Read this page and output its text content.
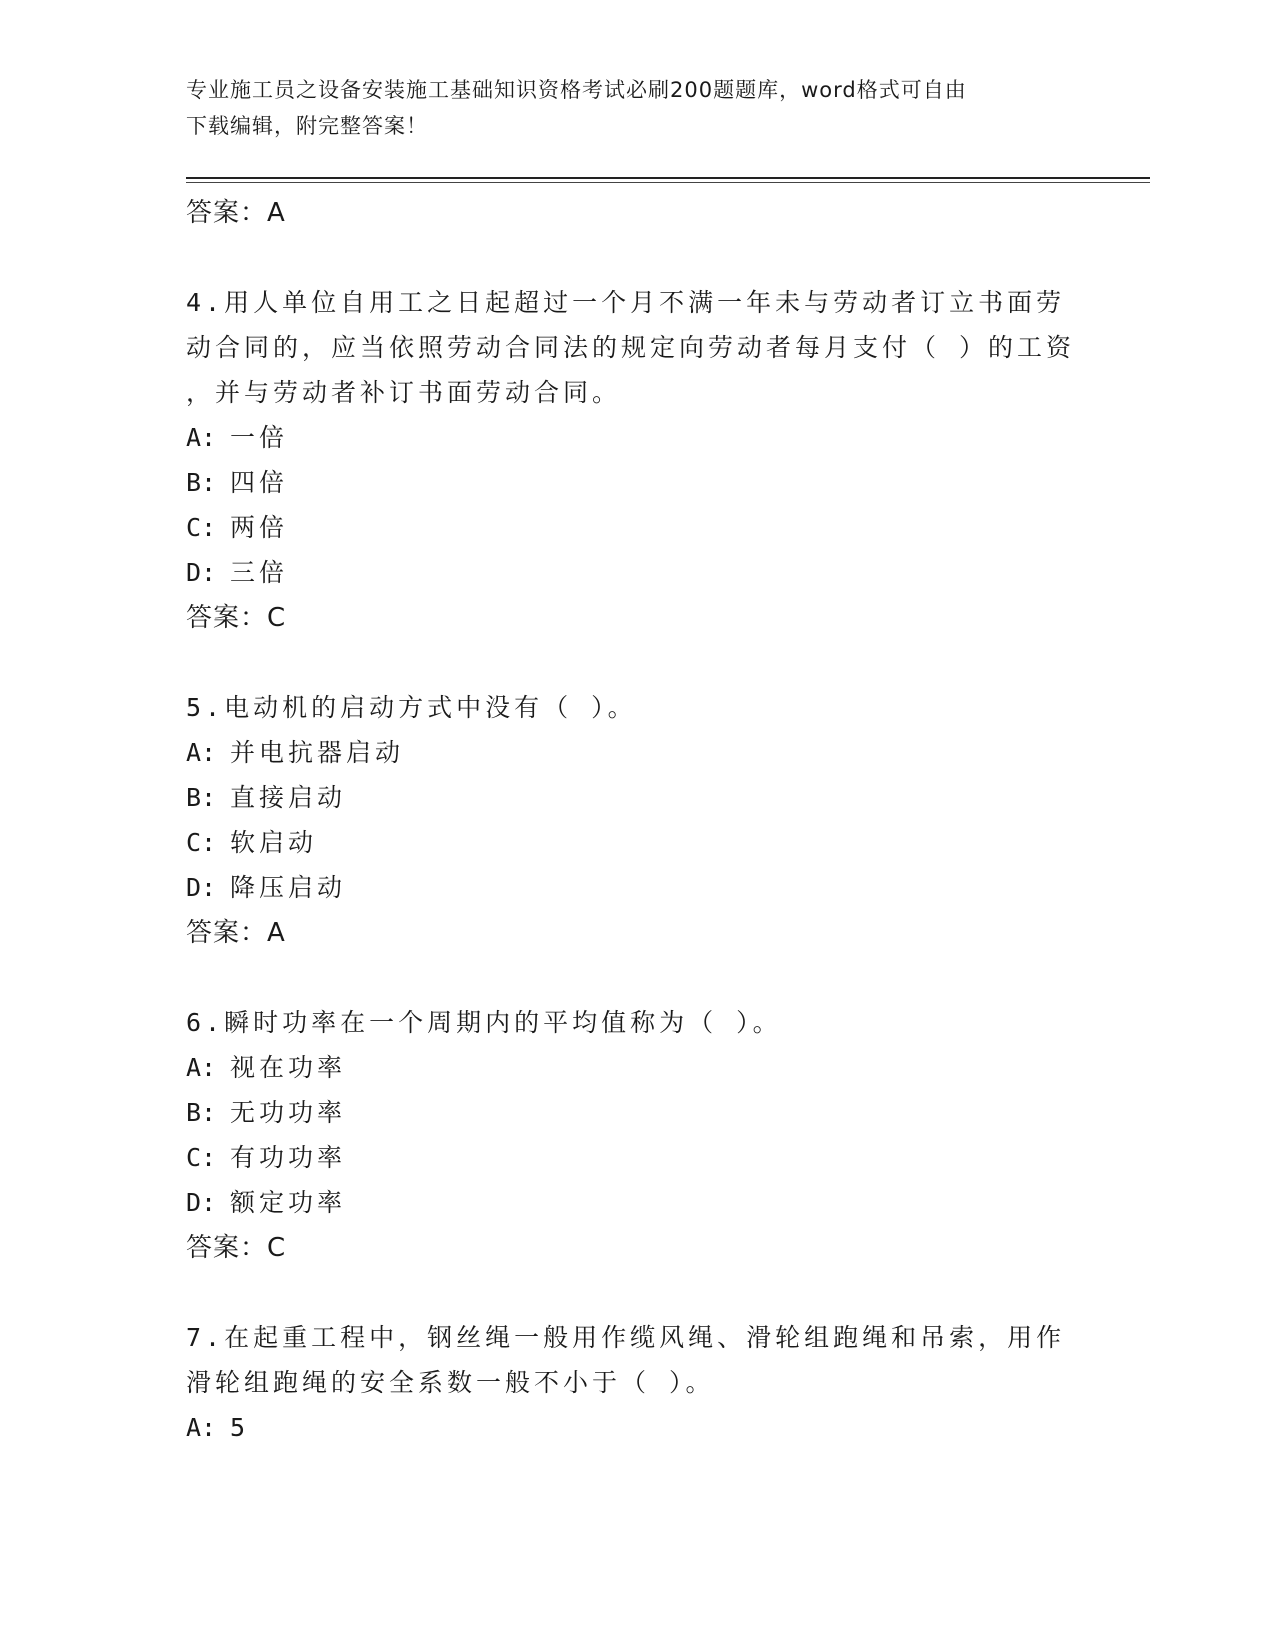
专业施工员之设备安装施工基础知识资格考试必刷200题题库，word格式可自由
下载编辑，附完整答案！
答案：A
4.用人单位自用工之日起超过一个月不满一年未与劳动者订立书面劳
动合同的，应当依照劳动合同法的规定向劳动者每月支付（ ）的工资
，并与劳动者补订书面劳动合同。
A: 一倍
B: 四倍
C: 两倍
D: 三倍
答案：C
5.电动机的启动方式中没有（ ）。
A: 并电抗器启动
B: 直接启动
C: 软启动
D: 降压启动
答案：A
6.瞬时功率在一个周期内的平均值称为（ ）。
A: 视在功率
B: 无功功率
C: 有功功率
D: 额定功率
答案：C
7.在起重工程中，钢丝绳一般用作缆风绳、滑轮组跑绳和吊索，用作
滑轮组跑绳的安全系数一般不小于（ ）。
A: 5
